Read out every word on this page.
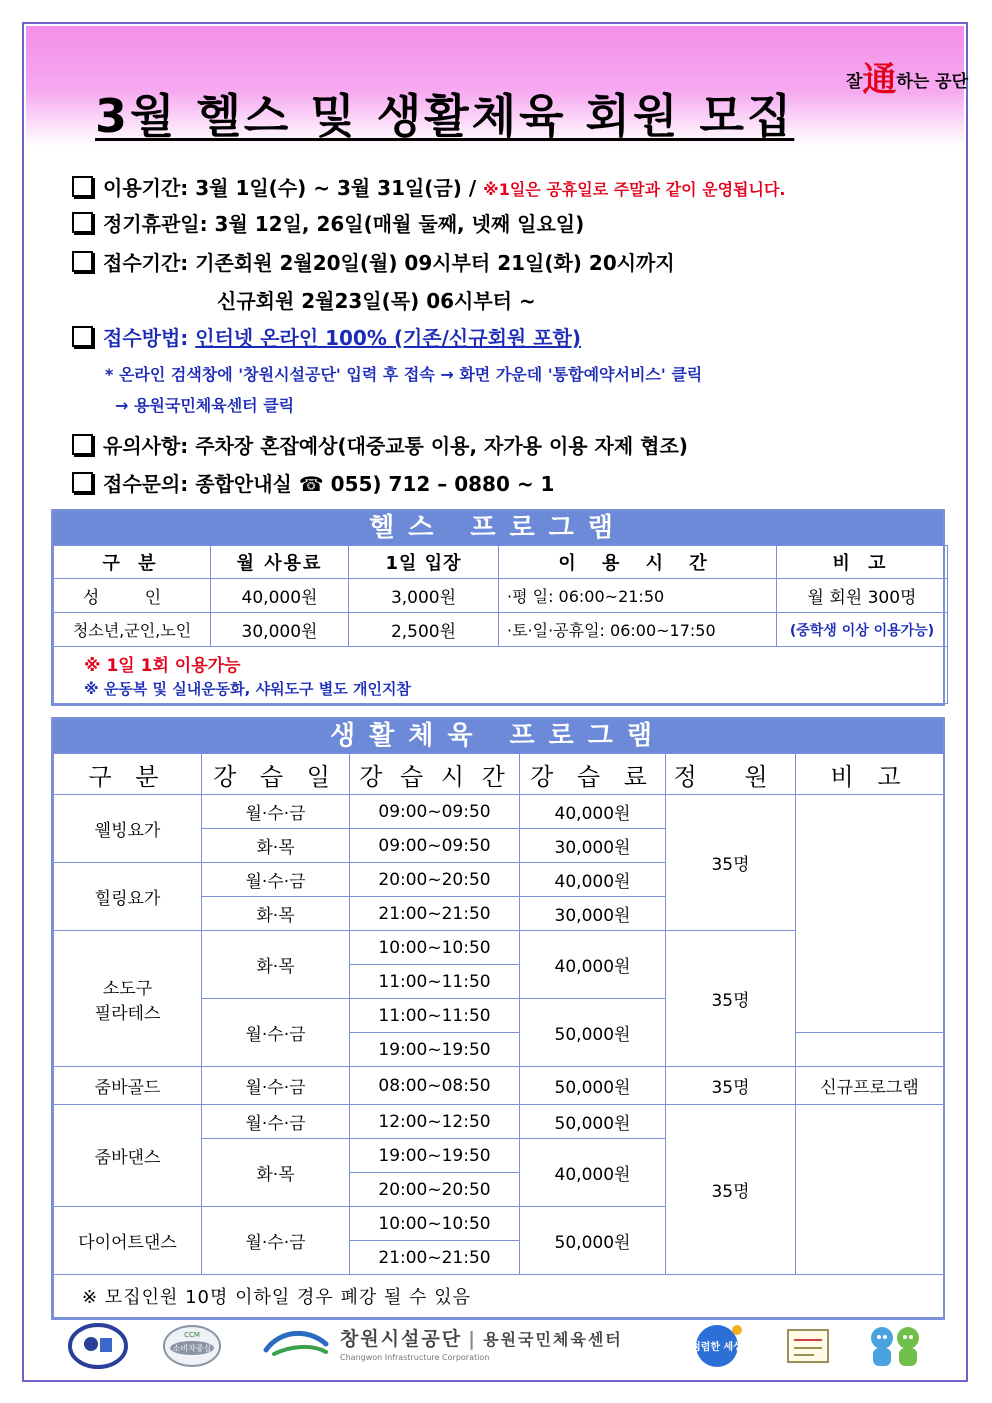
잘通하는 공단
3월 헬스 및 생활체육 회원 모집
이용기간: 3월 1일(수) ~ 3월 31일(금) / ※1일은 공휴일로 주말과 같이 운영됩니다.
정기휴관일: 3월 12일, 26일(매월 둘째, 넷째 일요일)
접수기간: 기존회원 2월20일(월) 09시부터 21일(화) 20시까지
신규회원 2월23일(목) 06시부터 ~
접수방법: 인터넷 온라인 100% (기존/신규회원 포함)
* 온라인 검색창에 '창원시설공단' 입력 후 접속 → 화면 가운데 '통합예약서비스' 클릭
→ 용원국민체육센터 클릭
유의사항: 주차장 혼잡예상(대중교통 이용, 자가용 이용 자제 협조)
접수문의: 종합안내실 ☎ 055) 712 – 0880 ~ 1
헬스 프로그램
구 분	월 사용료	1일 입장	이 용 시 간	비 고
성 인	40,000원	3,000원	·평 일: 06:00~21:50	월 회원 300명
청소년,군인,노인	30,000원	2,500원	·토·일·공휴일: 06:00~17:50	(중학생 이상 이용가능)

※ 1일 1회 이용가능
※ 운동복 및 실내운동화, 샤워도구 별도 개인지참				
생활체육 프로그램
구 분	강 습 일	강 습 시 간	강 습 료	정 원	비 고
웰빙요가	월·수·금	09:00~09:50	40,000원	35명	
	화·목	09:00~09:50	30,000원		
힐링요가	월·수·금	20:00~20:50	40,000원		
	화·목	21:00~21:50	30,000원		

소도구
필라테스	화·목	10:00~10:50	40,000원	35명	
		11:00~11:50			
	월·수·금	11:00~11:50	50,000원		
		19:00~19:50			
줌바골드	월·수·금	08:00~08:50	50,000원	35명	신규프로그램
줌바댄스	월·수·금	12:00~12:50	50,000원	35명	
	화·목	19:00~19:50	40,000원		
		20:00~20:50			
다이어트댄스	월·수·금	10:00~10:50	50,000원		
		21:00~21:50			
※ 모집인원 10명 이하일 경우 폐강 될 수 있음					
CCM
소비자중심	창원시설공단 | 용원국민체육센터
Changwon Infrastructure Corporation
청렴한 세상
